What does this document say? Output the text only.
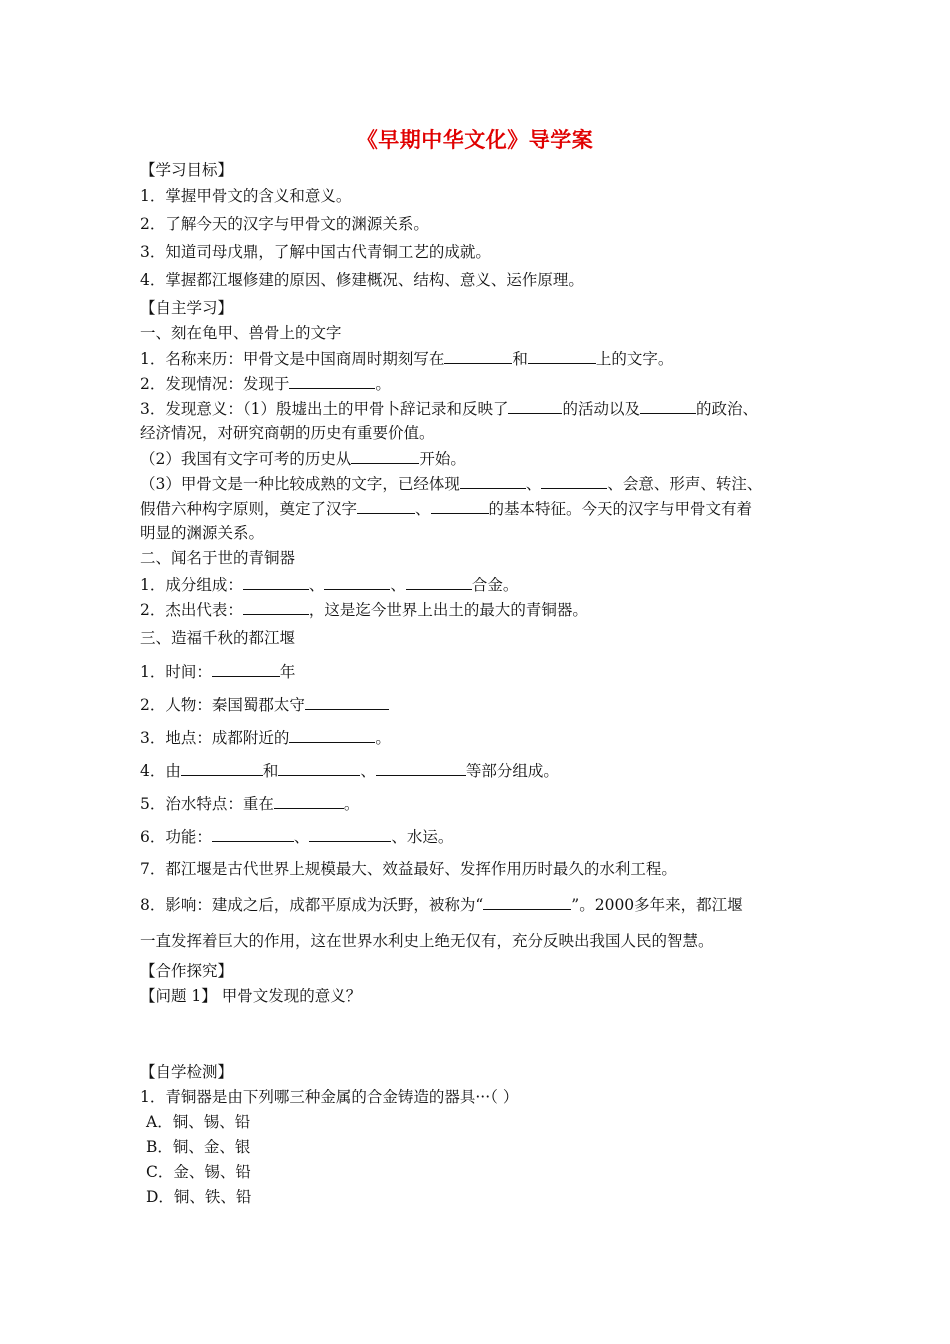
《早期中华文化》导学案
【学习目标】
1．掌握甲骨文的含义和意义。
2．了解今天的汉字与甲骨文的渊源关系。
3．知道司母戊鼎，了解中国古代青铜工艺的成就。
4．掌握都江堰修建的原因、修建概况、结构、意义、运作原理。
【自主学习】
一、刻在龟甲、兽骨上的文字
1．名称来历：甲骨文是中国商周时期刻写在	和	上的文字。
2．发现情况：发现于	。
3．发现意义：（1）殷墟出土的甲骨卜辞记录和反映了	的活动以及	的政治、
经济情况，对研究商朝的历史有重要价值。
（2）我国有文字可考的历史从	开始。
（3）甲骨文是一种比较成熟的文字，已经体现	、	、会意、形声、转注、
假借六种构字原则，奠定了汉字	、	的基本特征。今天的汉字与甲骨文有着
明显的渊源关系。
二、闻名于世的青铜器
1．成分组成：	、	、	合金。
2．杰出代表：	，这是迄今世界上出土的最大的青铜器。
三、造福千秋的都江堰
1．时间：	年
2．人物：秦国蜀郡太守
3．地点：成都附近的	。
4．由	和	、	等部分组成。
5．治水特点：重在	。
6．功能：	、	、水运。
7．都江堰是古代世界上规模最大、效益最好、发挥作用历时最久的水利工程。
8．影响：建成之后，成都平原成为沃野，被称为“	”。2000多年来，都江堰
一直发挥着巨大的作用，这在世界水利史上绝无仅有，充分反映出我国人民的智慧。
【合作探究】
【问题 1】 甲骨文发现的意义？
【自学检测】
1．青铜器是由下列哪三种金属的合金铸造的器具···（ ）
A．铜、锡、铅
B．铜、金、银
C．金、锡、铅
D．铜、铁、铅
